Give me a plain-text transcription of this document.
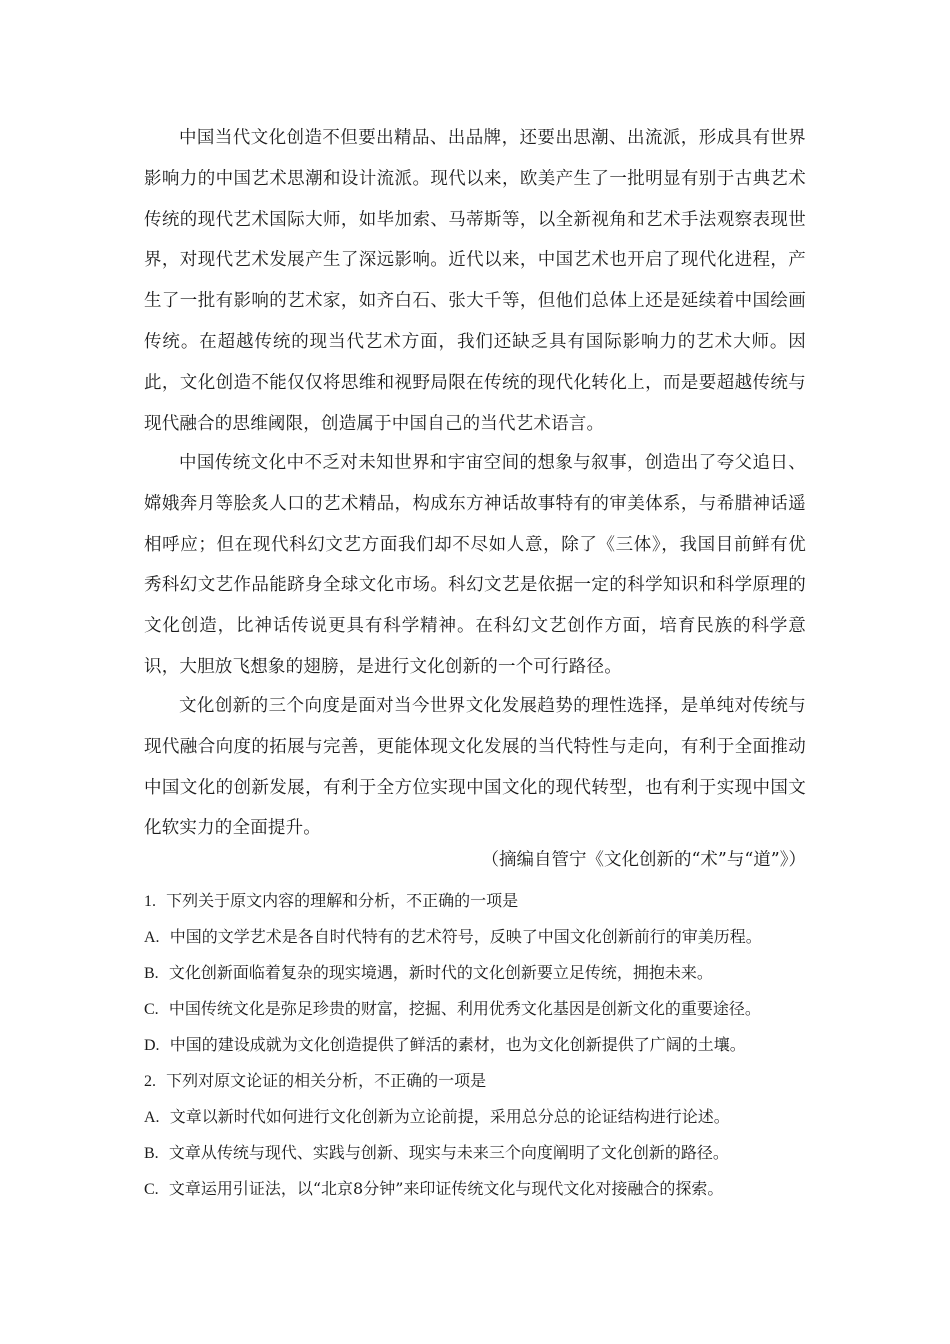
中国当代文化创造不但要出精品、出品牌，还要出思潮、出流派，形成具有世界影响力的中国艺术思潮和设计流派。现代以来，欧美产生了一批明显有别于古典艺术传统的现代艺术国际大师，如毕加索、马蒂斯等，以全新视角和艺术手法观察表现世界，对现代艺术发展产生了深远影响。近代以来，中国艺术也开启了现代化进程，产生了一批有影响的艺术家，如齐白石、张大千等，但他们总体上还是延续着中国绘画传统。在超越传统的现当代艺术方面，我们还缺乏具有国际影响力的艺术大师。因此，文化创造不能仅仅将思维和视野局限在传统的现代化转化上，而是要超越传统与现代融合的思维阈限，创造属于中国自己的当代艺术语言。

中国传统文化中不乏对未知世界和宇宙空间的想象与叙事，创造出了夸父追日、嫦娥奔月等脍炙人口的艺术精品，构成东方神话故事特有的审美体系，与希腊神话遥相呼应；但在现代科幻文艺方面我们却不尽如人意，除了《三体》，我国目前鲜有优秀科幻文艺作品能跻身全球文化市场。科幻文艺是依据一定的科学知识和科学原理的文化创造，比神话传说更具有科学精神。在科幻文艺创作方面，培育民族的科学意识，大胆放飞想象的翅膀，是进行文化创新的一个可行路径。

文化创新的三个向度是面对当今世界文化发展趋势的理性选择，是单纯对传统与现代融合向度的拓展与完善，更能体现文化发展的当代特性与走向，有利于全面推动中国文化的创新发展，有利于全方位实现中国文化的现代转型，也有利于实现中国文化软实力的全面提升。

（摘编自管宁《文化创新的“术”与“道”》）

1. 下列关于原文内容的理解和分析，不正确的一项是

A. 中国的文学艺术是各自时代特有的艺术符号，反映了中国文化创新前行的审美历程。

B. 文化创新面临着复杂的现实境遇，新时代的文化创新要立足传统，拥抱未来。

C. 中国传统文化是弥足珍贵的财富，挖掘、利用优秀文化基因是创新文化的重要途径。

D. 中国的建设成就为文化创造提供了鲜活的素材，也为文化创新提供了广阔的土壤。

2. 下列对原文论证的相关分析，不正确的一项是

A. 文章以新时代如何进行文化创新为立论前提，采用总分总的论证结构进行论述。

B. 文章从传统与现代、实践与创新、现实与未来三个向度阐明了文化创新的路径。

C. 文章运用引证法，以“北京8分钟”来印证传统文化与现代文化对接融合的探索。
